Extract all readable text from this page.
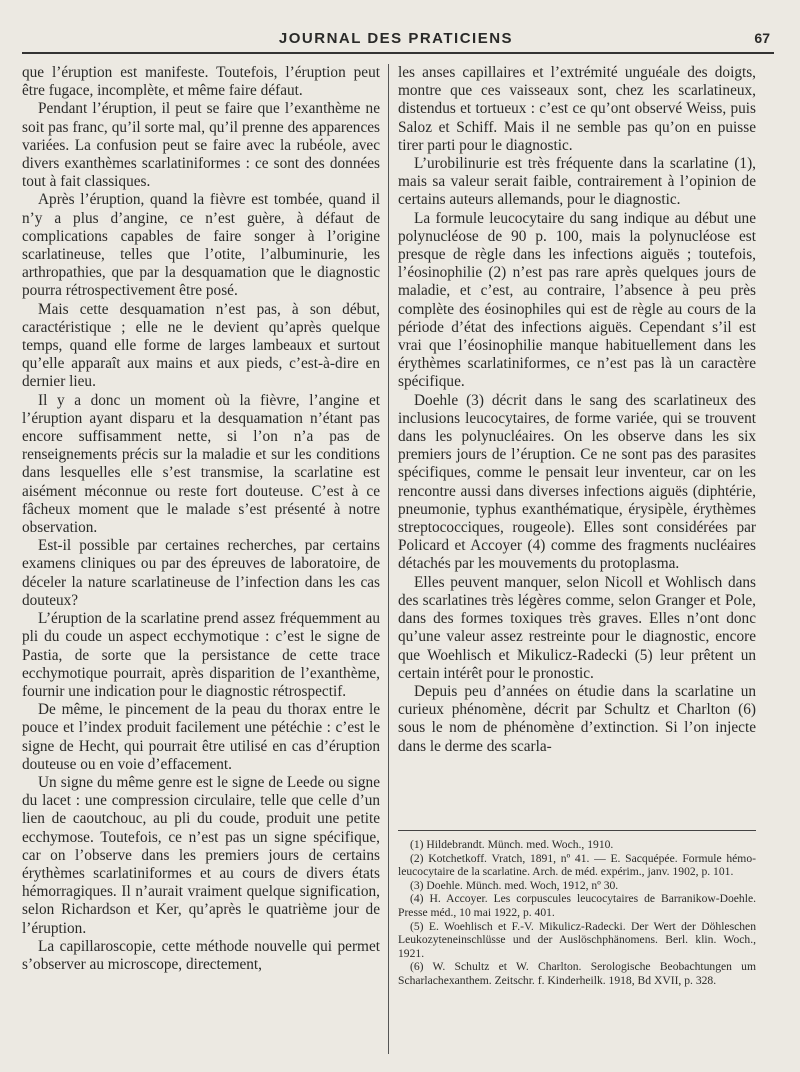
JOURNAL DES PRATICIENS	67

que l’éruption est manifeste. Toutefois, l’éruption peut être fugace, incomplète, et même faire défaut.

Pendant l’éruption, il peut se faire que l’exanthème ne soit pas franc, qu’il sorte mal, qu’il prenne des apparences variées. La confusion peut se faire avec la rubéole, avec divers exanthèmes scarlatiniformes : ce sont des données tout à fait classiques.

Après l’éruption, quand la fièvre est tombée, quand il n’y a plus d’angine, ce n’est guère, à défaut de complications capables de faire songer à l’origine scarlatineuse, telles que l’otite, l’albuminurie, les arthropathies, que par la desquamation que le diagnostic pourra rétrospectivement être posé.

Mais cette desquamation n’est pas, à son début, caractéristique ; elle ne le devient qu’après quelque temps, quand elle forme de larges lambeaux et surtout qu’elle apparaît aux mains et aux pieds, c’est-à-dire en dernier lieu.

Il y a donc un moment où la fièvre, l’angine et l’éruption ayant disparu et la desquamation n’étant pas encore suffisamment nette, si l’on n’a pas de renseignements précis sur la maladie et sur les conditions dans lesquelles elle s’est transmise, la scarlatine est aisément méconnue ou reste fort douteuse. C’est à ce fâcheux moment que le malade s’est présenté à notre observation.

Est-il possible par certaines recherches, par certains examens cliniques ou par des épreuves de laboratoire, de déceler la nature scarlatineuse de l’infection dans les cas douteux?

L’éruption de la scarlatine prend assez fréquemment au pli du coude un aspect ecchymotique : c’est le signe de Pastia, de sorte que la persistance de cette trace ecchymotique pourrait, après disparition de l’exanthème, fournir une indication pour le diagnostic rétrospectif.

De même, le pincement de la peau du thorax entre le pouce et l’index produit facilement une pétéchie : c’est le signe de Hecht, qui pourrait être utilisé en cas d’éruption douteuse ou en voie d’effacement.

Un signe du même genre est le signe de Leede ou signe du lacet : une compression circulaire, telle que celle d’un lien de caoutchouc, au pli du coude, produit une petite ecchymose. Toutefois, ce n’est pas un signe spécifique, car on l’observe dans les premiers jours de certains érythèmes scarlatiniformes et au cours de divers états hémorragiques. Il n’aurait vraiment quelque signification, selon Richardson et Ker, qu’après le quatrième jour de l’éruption.

La capillaroscopie, cette méthode nouvelle qui permet s’observer au microscope, directement,

les anses capillaires et l’extrémité unguéale des doigts, montre que ces vaisseaux sont, chez les scarlatineux, distendus et tortueux : c’est ce qu’ont observé Weiss, puis Saloz et Schiff. Mais il ne semble pas qu’on en puisse tirer parti pour le diagnostic.

L’urobilinurie est très fréquente dans la scarlatine (1), mais sa valeur serait faible, contrairement à l’opinion de certains auteurs allemands, pour le diagnostic.

La formule leucocytaire du sang indique au début une polynucléose de 90 p. 100, mais la polynucléose est presque de règle dans les infections aiguës ; toutefois, l’éosinophilie (2) n’est pas rare après quelques jours de maladie, et c’est, au contraire, l’absence à peu près complète des éosinophiles qui est de règle au cours de la période d’état des infections aiguës. Cependant s’il est vrai que l’éosinophilie manque habituellement dans les érythèmes scarlatiniformes, ce n’est pas là un caractère spécifique.

Doehle (3) décrit dans le sang des scarlatineux des inclusions leucocytaires, de forme variée, qui se trouvent dans les polynucléaires. On les observe dans les six premiers jours de l’éruption. Ce ne sont pas des parasites spécifiques, comme le pensait leur inventeur, car on les rencontre aussi dans diverses infections aiguës (diphtérie, pneumonie, typhus exanthématique, érysipèle, érythèmes streptococciques, rougeole). Elles sont considérées par Policard et Accoyer (4) comme des fragments nucléaires détachés par les mouvements du protoplasma.

Elles peuvent manquer, selon Nicoll et Wohlisch dans des scarlatines très légères comme, selon Granger et Pole, dans des formes toxiques très graves. Elles n’ont donc qu’une valeur assez restreinte pour le diagnostic, encore que Woehlisch et Mikulicz-Radecki (5) leur prêtent un certain intérêt pour le pronostic.

Depuis peu d’années on étudie dans la scarlatine un curieux phénomène, décrit par Schultz et Charlton (6) sous le nom de phénomène d’extinction. Si l’on injecte dans le derme des scarla-

(1) Hildebrandt. Münch. med. Woch., 1910.

(2) Kotchetkoff. Vratch, 1891, nº 41. — E. Sacquépée. Formule hémo-leucocytaire de la scarlatine. Arch. de méd. expérim., janv. 1902, p. 101.

(3) Doehle. Münch. med. Woch, 1912, nº 30.

(4) H. Accoyer. Les corpuscules leucocytaires de Barranikow-Doehle. Presse méd., 10 mai 1922, p. 401.

(5) E. Woehlisch et F.-V. Mikulicz-Radecki. Der Wert der Döhleschen Leukozyteneinschlüsse und der Auslöschphänomens. Berl. klin. Woch., 1921.

(6) W. Schultz et W. Charlton. Serologische Beobachtungen um Scharlachexanthem. Zeitschr. f. Kinderheilk. 1918, Bd XVII, p. 328.
